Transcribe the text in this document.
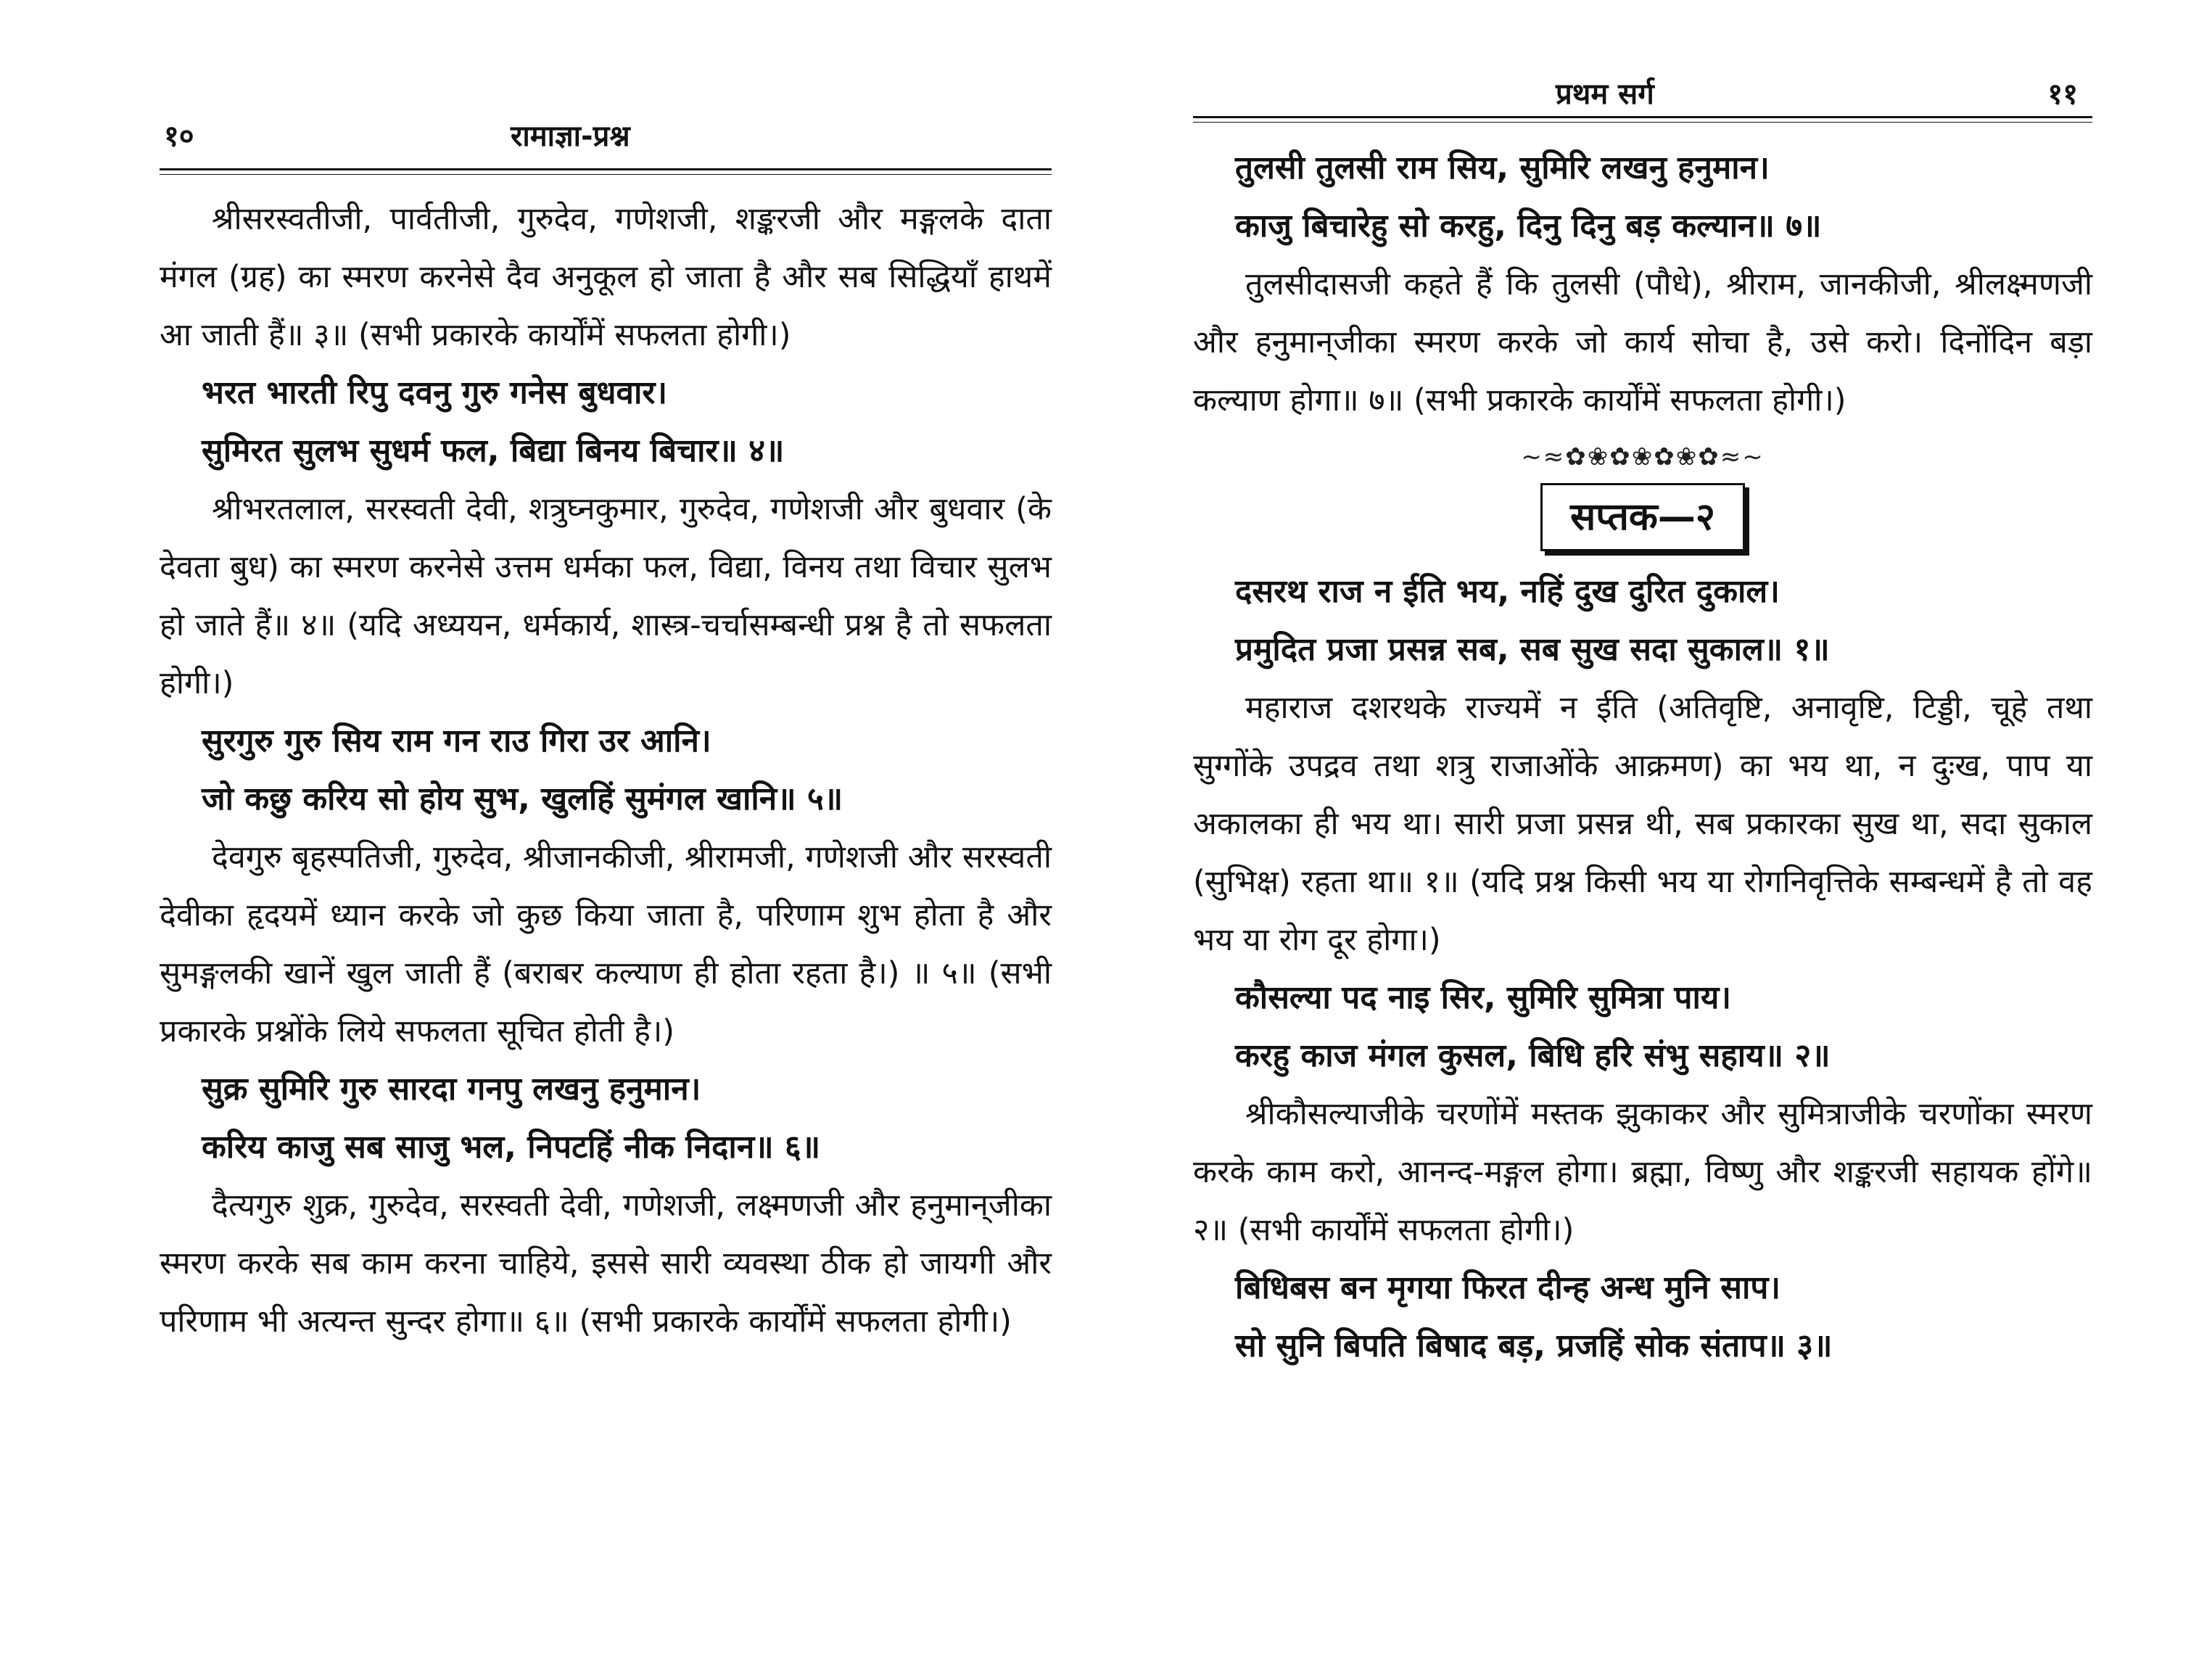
१०	रामाज्ञा-प्रश्न

श्रीसरस्वतीजी, पार्वतीजी, गुरुदेव, गणेशजी, शङ्करजी और मङ्गलके दाता मंगल (ग्रह) का स्मरण करनेसे दैव अनुकूल हो जाता है और सब सिद्धियाँ हाथमें आ जाती हैं॥ ३॥ (सभी प्रकारके कार्योंमें सफलता होगी।)

भरत भारती रिपु दवनु गुरु गनेस बुधवार।
सुमिरत सुलभ सुधर्म फल, बिद्या बिनय बिचार॥ ४॥

श्रीभरतलाल, सरस्वती देवी, शत्रुघ्नकुमार, गुरुदेव, गणेशजी और बुधवार (के देवता बुध) का स्मरण करनेसे उत्तम धर्मका फल, विद्या, विनय तथा विचार सुलभ हो जाते हैं॥ ४॥ (यदि अध्ययन, धर्मकार्य, शास्त्र-चर्चासम्बन्धी प्रश्न है तो सफलता होगी।)

सुरगुरु गुरु सिय राम गन राउ गिरा उर आनि।
जो कछु करिय सो होय सुभ, खुलहिं सुमंगल खानि॥ ५॥

देवगुरु बृहस्पतिजी, गुरुदेव, श्रीजानकीजी, श्रीरामजी, गणेशजी और सरस्वती देवीका हृदयमें ध्यान करके जो कुछ किया जाता है, परिणाम शुभ होता है और सुमङ्गलकी खानें खुल जाती हैं (बराबर कल्याण ही होता रहता है।) ॥ ५॥ (सभी प्रकारके प्रश्नोंके लिये सफलता सूचित होती है।)

सुक्र सुमिरि गुरु सारदा गनपु लखनु हनुमान।
करिय काजु सब साजु भल, निपटहिं नीक निदान॥ ६॥

दैत्यगुरु शुक्र, गुरुदेव, सरस्वती देवी, गणेशजी, लक्ष्मणजी और हनुमान्‌जीका स्मरण करके सब काम करना चाहिये, इससे सारी व्यवस्था ठीक हो जायगी और परिणाम भी अत्यन्त सुन्दर होगा॥ ६॥ (सभी प्रकारके कार्योंमें सफलता होगी।)

प्रथम सर्ग	११
तुलसी तुलसी राम सिय, सुमिरि लखनु हनुमान।
काजु बिचारेहु सो करहु, दिनु दिनु बड़ कल्यान॥ ७॥

तुलसीदासजी कहते हैं कि तुलसी (पौधे), श्रीराम, जानकीजी, श्रीलक्ष्मणजी और हनुमान्‌जीका स्मरण करके जो कार्य सोचा है, उसे करो। दिनोंदिन बड़ा कल्याण होगा॥ ७॥ (सभी प्रकारके कार्योंमें सफलता होगी।)

~≈✿❀✿❀✿❀✿≈~
सप्तक—२
दसरथ राज न ईति भय, नहिं दुख दुरित दुकाल।
प्रमुदित प्रजा प्रसन्न सब, सब सुख सदा सुकाल॥ १॥

महाराज दशरथके राज्यमें न ईति (अतिवृष्टि, अनावृष्टि, टिड्डी, चूहे तथा सुग्गोंके उपद्रव तथा शत्रु राजाओंके आक्रमण) का भय था, न दुःख, पाप या अकालका ही भय था। सारी प्रजा प्रसन्न थी, सब प्रकारका सुख था, सदा सुकाल (सुभिक्ष) रहता था॥ १॥ (यदि प्रश्न किसी भय या रोगनिवृत्तिके सम्बन्धमें है तो वह भय या रोग दूर होगा।)

कौसल्या पद नाइ सिर, सुमिरि सुमित्रा पाय।
करहु काज मंगल कुसल, बिधि हरि संभु सहाय॥ २॥

श्रीकौसल्याजीके चरणोंमें मस्तक झुकाकर और सुमित्राजीके चरणोंका स्मरण करके काम करो, आनन्द-मङ्गल होगा। ब्रह्मा, विष्णु और शङ्करजी सहायक होंगे॥ २॥ (सभी कार्योंमें सफलता होगी।)

बिधिबस बन मृगया फिरत दीन्ह अन्ध मुनि साप।
सो सुनि बिपति बिषाद बड़, प्रजहिं सोक संताप॥ ३॥
